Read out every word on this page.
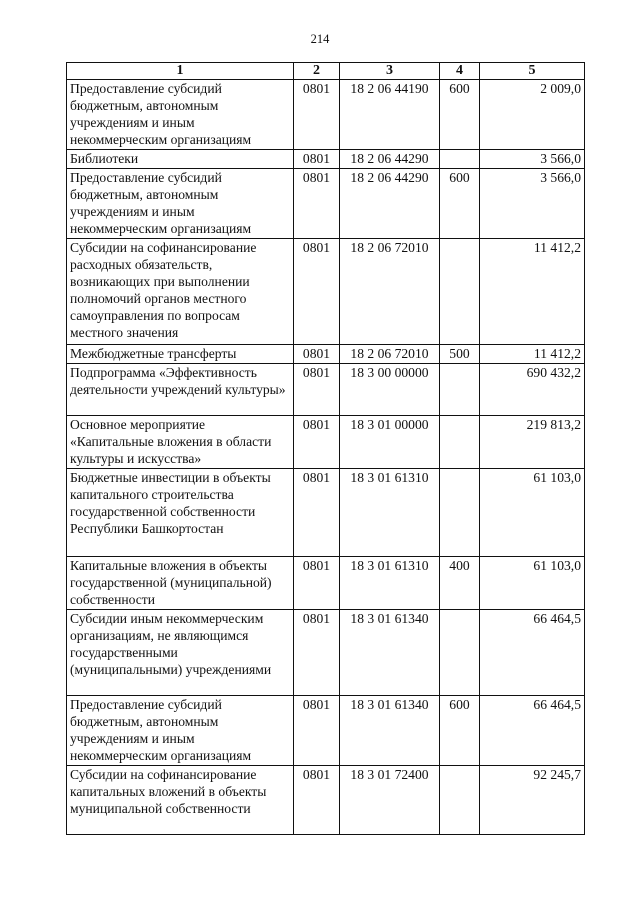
214
1	2	3	4	5
Предоставление субсидий бюджетным, автономным учреждениям и иным некоммерческим организациям	0801	18 2 06 44190	600	2 009,0
Библиотеки	0801	18 2 06 44290		3 566,0
Предоставление субсидий бюджетным, автономным учреждениям и иным некоммерческим организациям	0801	18 2 06 44290	600	3 566,0
Субсидии на софинансирование расходных обязательств, возникающих при выполнении полномочий органов местного самоуправления по вопросам местного значения	0801	18 2 06 72010		11 412,2
Межбюджетные трансферты	0801	18 2 06 72010	500	11 412,2
Подпрограмма «Эффективность деятельности учреждений культуры»	0801	18 3 00 00000		690 432,2
Основное мероприятие «Капитальные вложения в области культуры и искусства»	0801	18 3 01 00000		219 813,2
Бюджетные инвестиции в объекты капитального строительства государственной собственности Республики Башкортостан	0801	18 3 01 61310		61 103,0
Капитальные вложения в объекты государственной (муниципальной) собственности	0801	18 3 01 61310	400	61 103,0
Субсидии иным некоммерческим организациям, не являющимся государственными (муниципальными) учреждениями	0801	18 3 01 61340		66 464,5
Предоставление субсидий бюджетным, автономным учреждениям и иным некоммерческим организациям	0801	18 3 01 61340	600	66 464,5
Субсидии на софинансирование капитальных вложений в объекты муниципальной собственности	0801	18 3 01 72400		92 245,7
